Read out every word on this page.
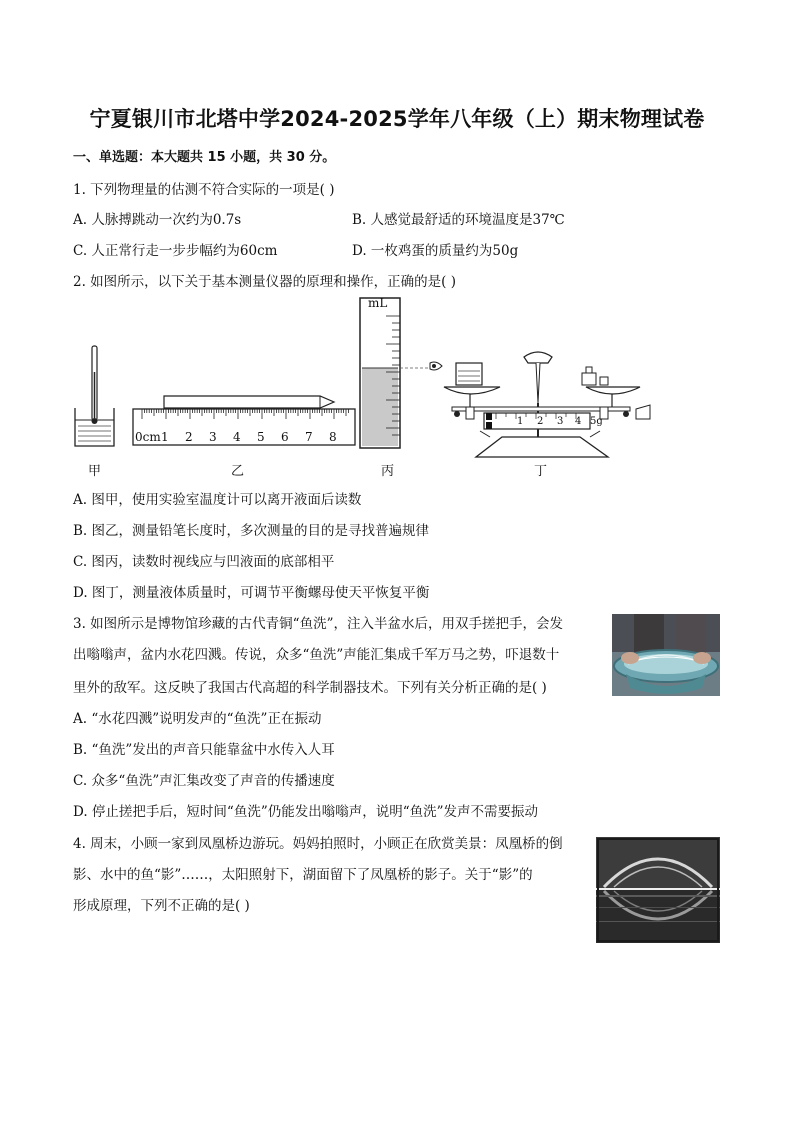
宁夏银川市北塔中学2024-2025学年八年级（上）期末物理试卷
一、单选题：本大题共 15 小题，共 30 分。
1. 下列物理量的估测不符合实际的一项是( )
A. 人脉搏跳动一次约为0.7s	B. 人感觉最舒适的环境温度是37℃
C. 人正常行走一步步幅约为60cm	D. 一枚鸡蛋的质量约为50g
2. 如图所示，以下关于基本测量仪器的原理和操作，正确的是( )
0cm 1 2 3 4 5 6 7 8
mL
1 2 3 4 5g
甲	乙	丙	丁
A. 图甲，使用实验室温度计可以离开液面后读数
B. 图乙，测量铅笔长度时，多次测量的目的是寻找普遍规律
C. 图丙，读数时视线应与凹液面的底部相平
D. 图丁，测量液体质量时，可调节平衡螺母使天平恢复平衡
3. 如图所示是博物馆珍藏的古代青铜“鱼洗”，注入半盆水后，用双手搓把手，会发
出嗡嗡声，盆内水花四溅。传说，众多“鱼洗”声能汇集成千军万马之势，吓退数十
里外的敌军。这反映了我国古代高超的科学制器技术。下列有关分析正确的是( )
A. “水花四溅”说明发声的“鱼洗”正在振动
B. “鱼洗”发出的声音只能靠盆中水传入人耳
C. 众多“鱼洗”声汇集改变了声音的传播速度
D. 停止搓把手后，短时间“鱼洗”仍能发出嗡嗡声，说明“鱼洗”发声不需要振动
4. 周末，小顾一家到凤凰桥边游玩。妈妈拍照时，小顾正在欣赏美景：凤凰桥的倒
影、水中的鱼“影”……，太阳照射下，湖面留下了凤凰桥的影子。关于“影”的
形成原理，下列不正确的是( )
